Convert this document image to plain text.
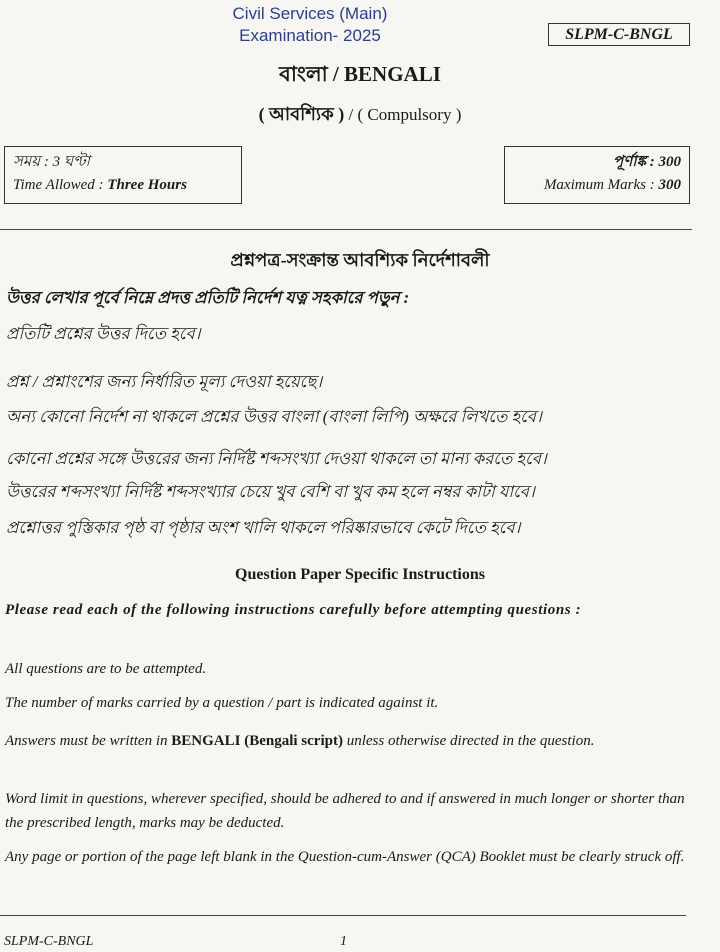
Civil Services (Main)
Examination- 2025	SLPM-C-BNGL
বাংলা / BENGALI
( আবশ্যিক ) / ( Compulsory )
সময় : 3 ঘণ্টা
Time Allowed : Three Hours
পূর্ণাঙ্ক : 300
Maximum Marks : 300
প্রশ্নপত্র-সংক্রান্ত আবশ্যিক নির্দেশাবলী
উত্তর লেখার পূর্বে নিম্নে প্রদত্ত প্রতিটি নির্দেশ যত্ন সহকারে পড়ুন :
প্রতিটি প্রশ্নের উত্তর দিতে হবে।
প্রশ্ন / প্রশ্নাংশের জন্য নির্ধারিত মূল্য দেওয়া হয়েছে।
অন্য কোনো নির্দেশ না থাকলে প্রশ্নের উত্তর বাংলা (বাংলা লিপি) অক্ষরে লিখতে হবে।
কোনো প্রশ্নের সঙ্গে উত্তরের জন্য নির্দিষ্ট শব্দসংখ্যা দেওয়া থাকলে তা মান্য করতে হবে।
উত্তরের শব্দসংখ্যা নির্দিষ্ট শব্দসংখ্যার চেয়ে খুব বেশি বা খুব কম হলে নম্বর কাটা যাবে।
প্রশ্নোত্তর পুস্তিকার পৃষ্ঠ বা পৃষ্ঠার অংশ খালি থাকলে পরিষ্কারভাবে কেটে দিতে হবে।
Question Paper Specific Instructions
Please read each of the following instructions carefully before attempting questions :
All questions are to be attempted.
The number of marks carried by a question / part is indicated against it.
Answers must be written in BENGALI (Bengali script) unless otherwise directed in the question.
Word limit in questions, wherever specified, should be adhered to and if answered in much longer or shorter than the prescribed length, marks may be deducted.
Any page or portion of the page left blank in the Question-cum-Answer (QCA) Booklet must be clearly struck off.
SLPM-C-BNGL	1
